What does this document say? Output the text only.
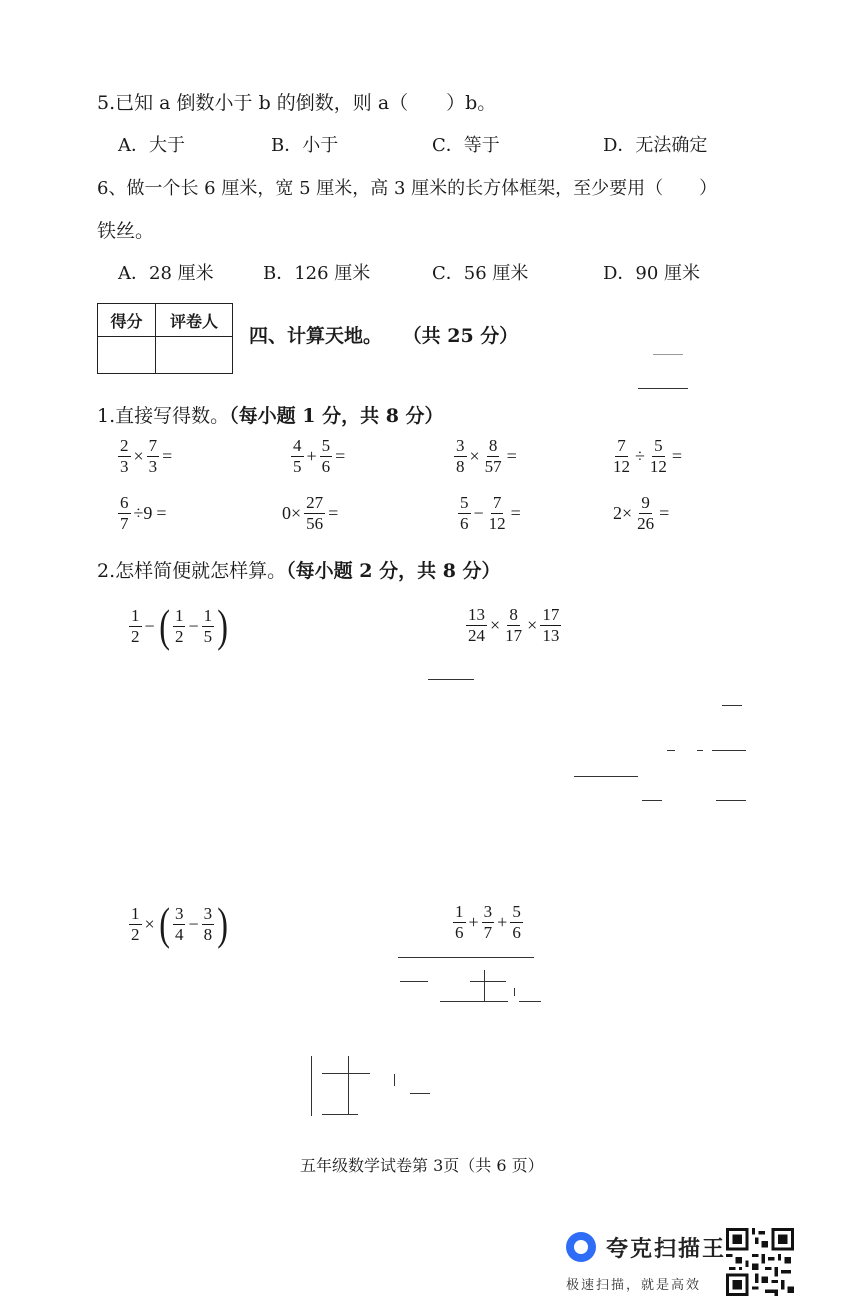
5.已知 a 倒数小于 b 的倒数，则 a（　　）b。
A．大于	B．小于	C．等于	D．无法确定
6、做一个长 6 厘米，宽 5 厘米，高 3 厘米的长方体框架，至少要用（　　）
铁丝。
A．28 厘米	B．126 厘米	C．56 厘米	D．90 厘米
得分	评卷人

四、计算天地。 （共 25 分）
1.直接写得数。（每小题 1 分，共 8 分）
$\frac{2}{3} \times \frac{7}{3}$ =	$\frac{4}{5} + \frac{5}{6}$ =	$\frac{3}{8} \times \frac{8}{57}$ =	$\frac{7}{12} \div \frac{5}{12}$ =
$\frac{6}{7} \div 9$ =	$0\times \frac{27}{56}$ =	$\frac{5}{6} - \frac{7}{12}$ =	$2\times \frac{9}{26}$ =
2.怎样简便就怎样算。（每小题 2 分，共 8 分）
$\frac{1}{2}$ − ( $\frac{1}{2} - \frac{1}{5}$ )	$\frac{13}{24} \times \frac{8}{17} \times \frac{17}{13}$
$\frac{1}{2}$ × ( $\frac{3}{4} - \frac{3}{8}$ )	$\frac{1}{6} + \frac{3}{7} + \frac{5}{6}$
五年级数学试卷第 3页（共 6 页）
夸克扫描王
极速扫描，就是高效
